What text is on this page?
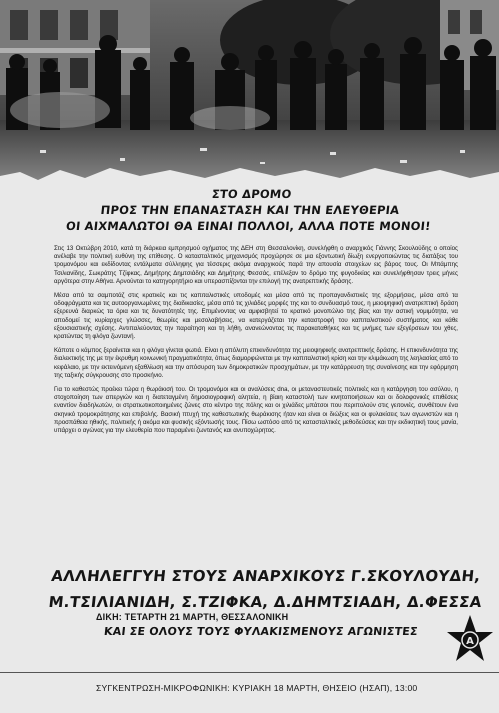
ΣΤΟ ΔΡΟΜΟ
ΠΡΟΣ ΤΗΝ ΕΠΑΝΑΣΤΑΣΗ ΚΑΙ ΤΗΝ ΕΛΕΥΘΕΡΙΑ
ΟΙ ΑΙΧΜΑΛΩΤΟΙ ΘΑ ΕΙΝΑΙ ΠΟΛΛΟΙ, ΑΛΛΑ ΠΟΤΕ ΜΟΝΟΙ!

Στις 13 Οκτώβρη 2010, κατά τη διάρκεια εμπρησμού οχήματος της ΔΕΗ στη Θεσσαλονίκη, συνελήφθη ο αναρχικός Γιάννης Σκουλούδης ο οποίος ανέλαβε την πολιτική ευθύνη της επίθεσης. Ο κατασταλτικός μηχανισμός προχώρησε σε μια εξοντωτική δίωξη ενεργοποιώντας τις διατάξεις του τρομονόμου και εκδίδοντας εντάλματα σύλληψης για τέσσερις ακόμα αναρχικούς παρά την απουσία στοιχείων εις βάρος τους. Οι Μπάμπης Τσιλιανίδης, Σωκράτης Τζίφκας, Δημήτρης Δημτσιάδης και Δημήτρης Φεσσάς, επέλεξαν το δρόμο της φυγοδικίας και συνελήφθησαν τρεις μήνες αργότερα στην Αθήνα. Αρνούνται το κατηγορητήριο και υπερασπίζονται την επιλογή της ανατρεπτικής δράσης.

Μέσα από τα σαμποτάζ στις κρατικές και τις καπιταλιστικές υποδομές και μέσα από τις προπαγανδιστικές της εξορμήσεις, μέσα από τα οδοφράγματα και τις αυτοοργανωμένες της διαδικασίες, μέσα από τις χιλιάδες μορφές της και το συνδυασμό τους, η μειοψηφική ανατρεπτική δράση εξερευνά διαρκώς τα όρια και τις δυνατότητές της. Επιμένοντας να αμφισβητεί το κρατικό μονοπώλιο της βίας και την αστική νομιμότητα, να αποδομεί τις κυρίαρχες γλώσσες, θεωρίες και μεσολαβήσεις, να κατεργάζεται την καταστροφή του καπιταλιστικού συστήματος και κάθε εξουσιαστικής σχέσης. Αντιπαλεύοντας την παραίτηση και τη λήθη, ανανεώνοντας τις παρακαταθήκες και τις μνήμες των εξεγέρσεων του χθες, κρατώντας τη φλόγα ζωντανή.

Κάποτε ο κάμπος ξεραίνεται και η φλόγα γίνεται φωτιά. Είναι η απόλυτη επικινδυνότητα της μειοψηφικής ανατρεπτικής δράσης. Η επικινδυνότητα της διαλεκτικής της με την έκρυθμη κοινωνική πραγματικότητα, όπως διαμορφώνεται με την καπιταλιστική κρίση και την κλιμάκωση της λεηλασίας από το κεφάλαιο, με την εκτεινόμενη εξαθλίωση και την απόσυρση των δημοκρατικών προσχημάτων, με την κατάρρευση της συναίνεσης και την εφόρμηση της ταξικής σύγκρουσης στο προσκήνιο.

Για το καθεστώς προέκει τώρα η θωράκισή του. Οι τρομονόμοι και οι αναλύσεις dna, οι μεταναστευτικές πολιτικές και η κατάργηση του ασύλου, η στοχοποίηση των απεργιών και η διατεταγμένη δημοσιογραφική αλητεία, η βίαιη καταστολή των κινητοποιήσεων και οι δολοφονικές επιθέσεις εναντίον διαδηλωτών, οι στρατιωτικοποιημένες ζώνες στο κέντρο της πόλης και οι χιλιάδες μπάτσοι που περιπολούν στις γειτονιές, συνθέτουν ένα σκηνικό τρομοκράτησης και επιβολής. Βασική πτυχή της καθεστωτικής θωράκισης ήταν και είναι οι διώξεις και οι φυλακίσεις των αγωνιστών και η προσπάθεια ηθικής, πολιτικής ή ακόμα και φυσικής εξόντωσής τους. Πίσω ωστόσο από τις κατασταλτικές μεθοδεύσεις και την εκδικητική τους μανία, υπάρχει ο αγώνας για την ελευθερία που παραμένει ζωντανός και ανυποχώρητος.

ΑΛΛΗΛΕΓΓΥΗ ΣΤΟΥΣ ΑΝΑΡΧΙΚΟΥΣ Γ.ΣΚΟΥΛΟΥΔΗ,
Μ.ΤΣΙΛΙΑΝΙΔΗ, Σ.ΤΖΙΦΚΑ, Δ.ΔΗΜΤΣΙΑΔΗ, Δ.ΦΕΣΣΑ
ΔΙΚΗ: ΤΕΤΑΡΤΗ 21 ΜΑΡΤΗ, ΘΕΣΣΑΛΟΝΙΚΗ
ΚΑΙ ΣΕ ΟΛΟΥΣ ΤΟΥΣ ΦΥΛΑΚΙΣΜΕΝΟΥΣ ΑΓΩΝΙΣΤΕΣ
A
ΣΥΓΚΕΝΤΡΩΣΗ-ΜΙΚΡΟΦΩΝΙΚΗ: ΚΥΡΙΑΚΗ 18 ΜΑΡΤΗ, ΘΗΣΕΙΟ (ΗΣΑΠ), 13:00
